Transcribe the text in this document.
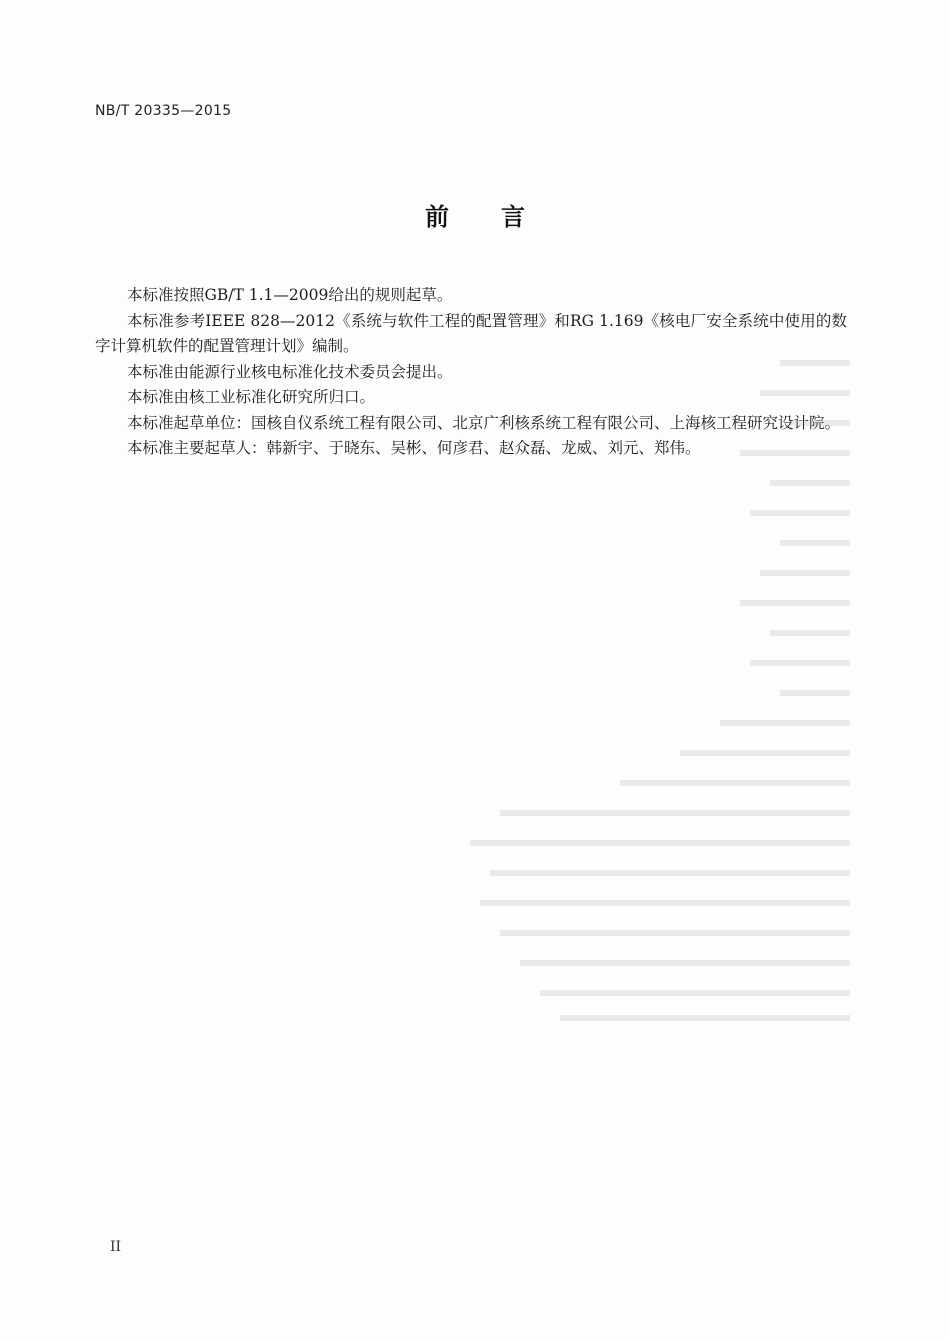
NB/T 20335—2015
前 言

本标准按照GB/T 1.1—2009给出的规则起草。

本标准参考IEEE 828—2012《系统与软件工程的配置管理》和RG 1.169《核电厂安全系统中使用的数字计算机软件的配置管理计划》编制。

本标准由能源行业核电标准化技术委员会提出。

本标准由核工业标准化研究所归口。

本标准起草单位：国核自仪系统工程有限公司、北京广利核系统工程有限公司、上海核工程研究设计院。

本标准主要起草人：韩新宇、于晓东、吴彬、何彦君、赵众磊、龙威、刘元、郑伟。

II
